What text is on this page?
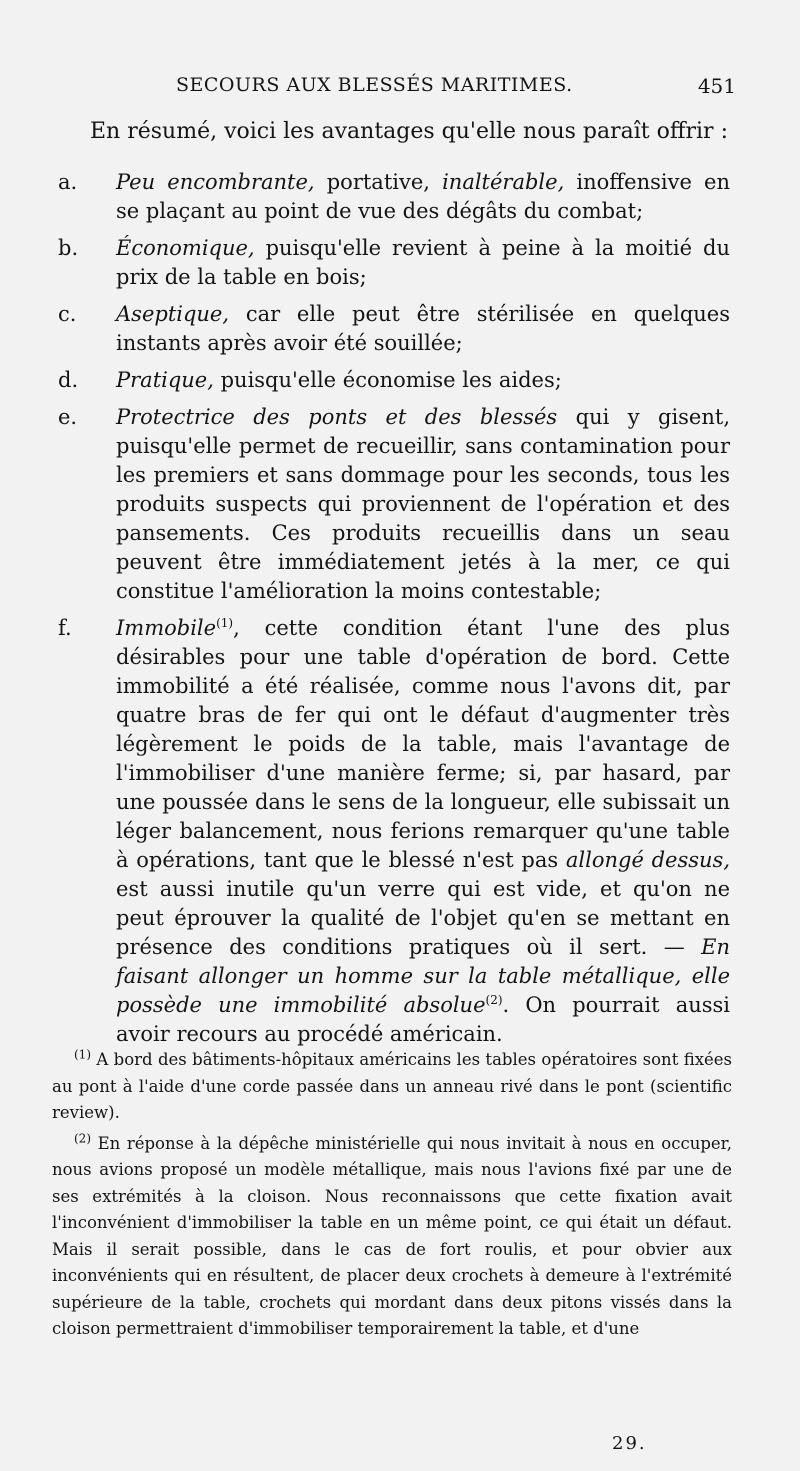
SECOURS AUX BLESSÉS MARITIMES.	451
En résumé, voici les avantages qu'elle nous paraît offrir :
a. Peu encombrante, portative, inaltérable, inoffensive en se plaçant au point de vue des dégâts du combat;
b. Économique, puisqu'elle revient à peine à la moitié du prix de la table en bois;
c. Aseptique, car elle peut être stérilisée en quelques instants après avoir été souillée;
d. Pratique, puisqu'elle économise les aides;
e. Protectrice des ponts et des blessés qui y gisent, puisqu'elle permet de recueillir, sans contamination pour les premiers et sans dommage pour les seconds, tous les produits suspects qui proviennent de l'opération et des pansements. Ces produits recueillis dans un seau peuvent être immédiatement jetés à la mer, ce qui constitue l'amélioration la moins contestable;
f. Immobile$^{(1)}$, cette condition étant l'une des plus désirables pour une table d'opération de bord. Cette immobilité a été réalisée, comme nous l'avons dit, par quatre bras de fer qui ont le défaut d'augmenter très légèrement le poids de la table, mais l'avantage de l'immobiliser d'une manière ferme; si, par hasard, par une poussée dans le sens de la longueur, elle subissait un léger balancement, nous ferions remarquer qu'une table à opérations, tant que le blessé n'est pas allongé dessus, est aussi inutile qu'un verre qui est vide, et qu'on ne peut éprouver la qualité de l'objet qu'en se mettant en présence des conditions pratiques où il sert. — En faisant allonger un homme sur la table métallique, elle possède une immobilité absolue$^{(2)}$. On pourrait aussi avoir recours au procédé américain.

$^{(1)}$ A bord des bâtiments-hôpitaux américains les tables opératoires sont fixées au pont à l'aide d'une corde passée dans un anneau rivé dans le pont (scientific review).

$^{(2)}$ En réponse à la dépêche ministérielle qui nous invitait à nous en occuper, nous avions proposé un modèle métallique, mais nous l'avions fixé par une de ses extrémités à la cloison. Nous reconnaissons que cette fixation avait l'inconvénient d'immobiliser la table en un même point, ce qui était un défaut. Mais il serait possible, dans le cas de fort roulis, et pour obvier aux inconvénients qui en résultent, de placer deux crochets à demeure à l'extrémité supérieure de la table, crochets qui mordant dans deux pitons vissés dans la cloison permettraient d'immobiliser temporairement la table, et d'une

29.
